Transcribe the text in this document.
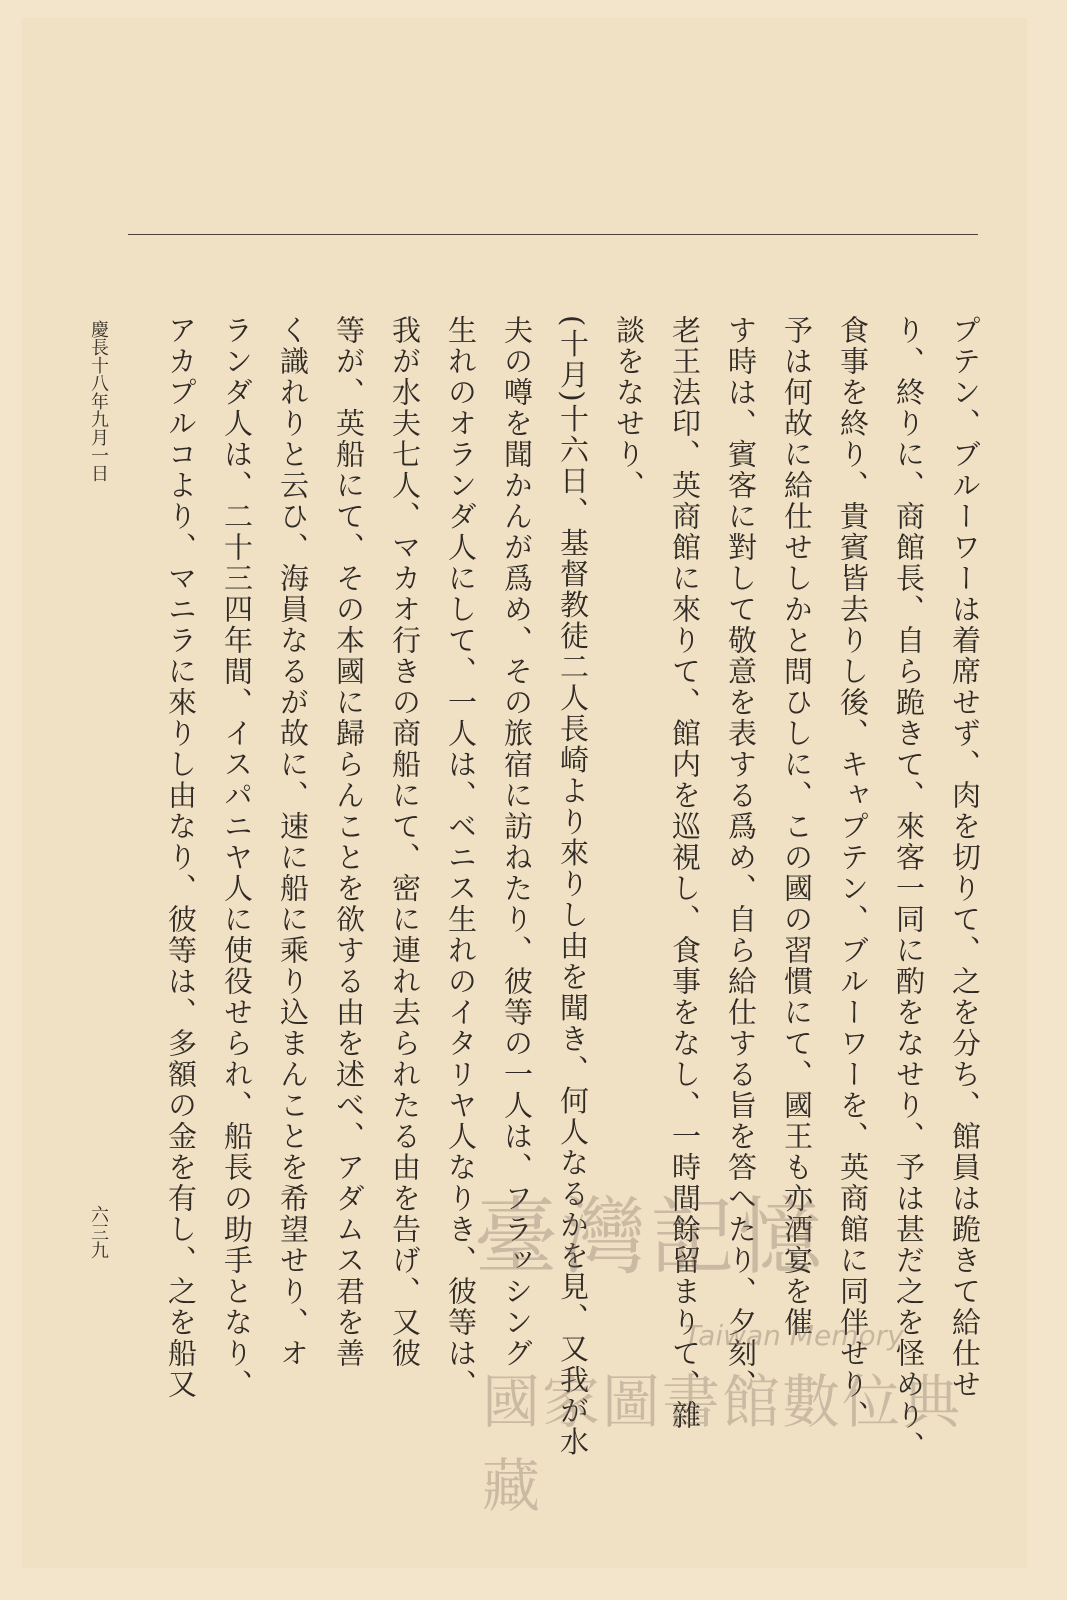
プテン、ブルーワーは着席せず、肉を切りて、之を分ち、館員は跪きて給仕せ
り、終りに、商館長、自ら跪きて、來客一同に酌をなせり、予は甚だ之を怪めり、
食事を終り、貴賓皆去りし後、キャプテン、ブルーワーを、英商館に同伴せり、
予は何故に給仕せしかと問ひしに、この國の習慣にて、國王も亦酒宴を催
す時は、賓客に對して敬意を表する爲め、自ら給仕する旨を答へたり、夕刻、
老王法印、英商館に來りて、館内を巡視し、食事をなし、一時間餘留まりて、雜
談をなせり、
(十月)十六日、基督教徒二人長崎より來りし由を聞き、何人なるかを見、又我が水
夫の噂を聞かんが爲め、その旅宿に訪ねたり、彼等の一人は、フラッシング
生れのオランダ人にして、一人は、ベニス生れのイタリヤ人なりき、彼等は、
我が水夫七人、マカオ行きの商船にて、密に連れ去られたる由を告げ、又彼
等が、英船にて、その本國に歸らんことを欲する由を述べ、アダムス君を善
く識れりと云ひ、海員なるが故に、速に船に乘り込まんことを希望せり、オ
ランダ人は、二十三四年間、イスパニヤ人に使役せられ、船長の助手となり、
アカプルコより、マニラに來りし由なり、彼等は、多額の金を有し、之を船又
慶長十八年九月一日
六三九	臺灣記憶
Taiwan Memory
國家圖書館數位典藏
